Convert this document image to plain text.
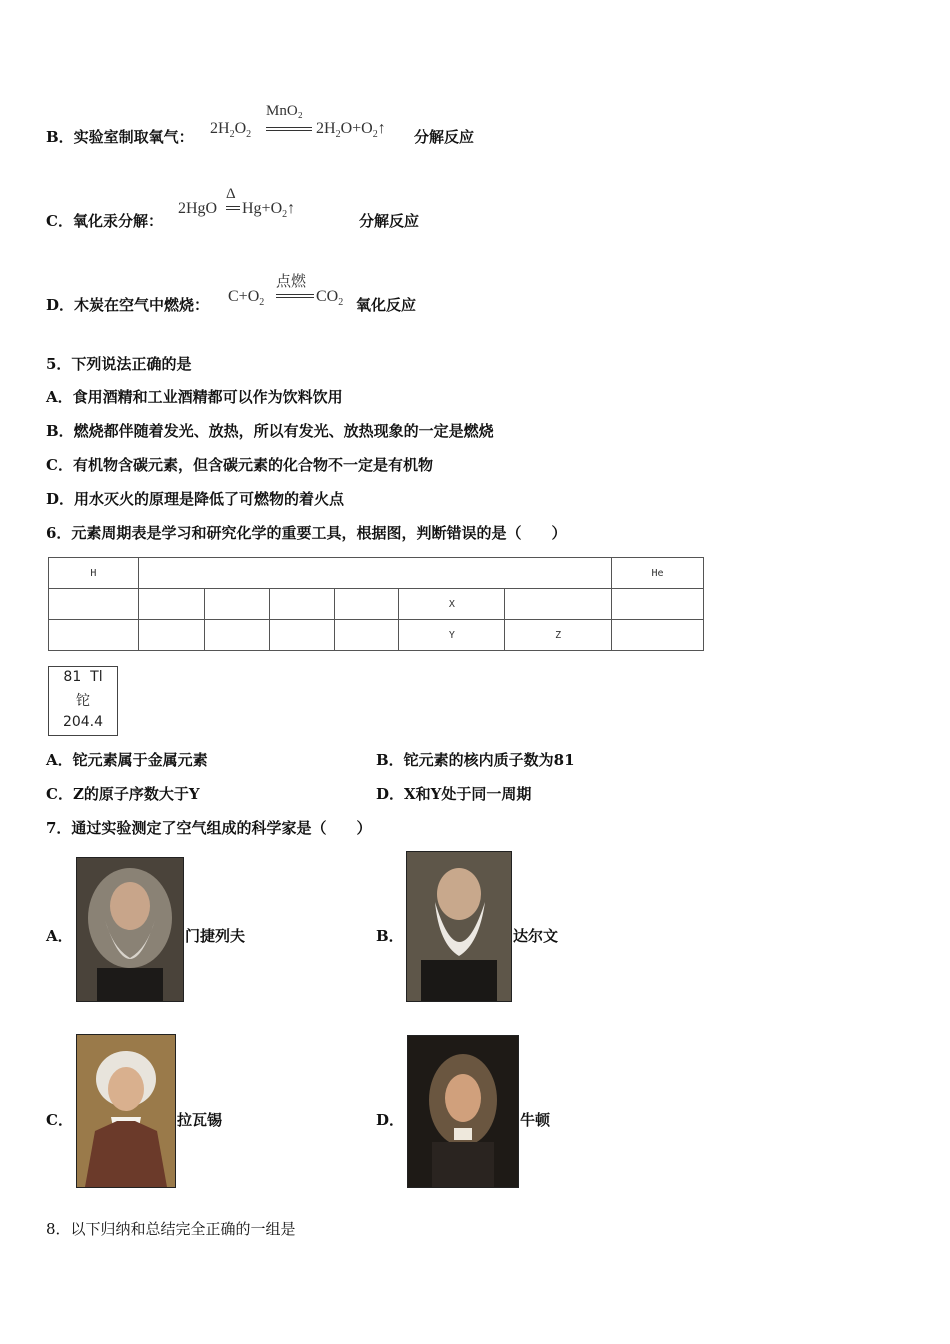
B．实验室制取氧气：
MnO₂
$2H_2O_2$	$2H_2O+O_2↑$ 分解反应
C．氧化汞分解：
Δ
2HgO $Hg+O_2↑$
分解反应
D．木炭在空气中燃烧：
点燃
$C+O_2$	$CO_2$ 氧化反应
5．下列说法正确的是
A．食用酒精和工业酒精都可以作为饮料饮用
B．燃烧都伴随着发光、放热，所以有发光、放热现象的一定是燃烧
C．有机物含碳元素，但含碳元素的化合物不一定是有机物
D．用水灭火的原理是降低了可燃物的着火点
6．元素周期表是学习和研究化学的重要工具，根据图，判断错误的是（　　）
H							He
					X		
					Y	Z	
81 Tl
铊
204.4
A．铊元素属于金属元素	B．铊元素的核内质子数为81
C．Z的原子序数大于Y	D．X和Y处于同一周期
7．通过实验测定了空气组成的科学家是（　　）
A．	门捷列夫	B．	达尔文
C．	拉瓦锡	D．	牛顿
8．以下归纳和总结完全正确的一组是
